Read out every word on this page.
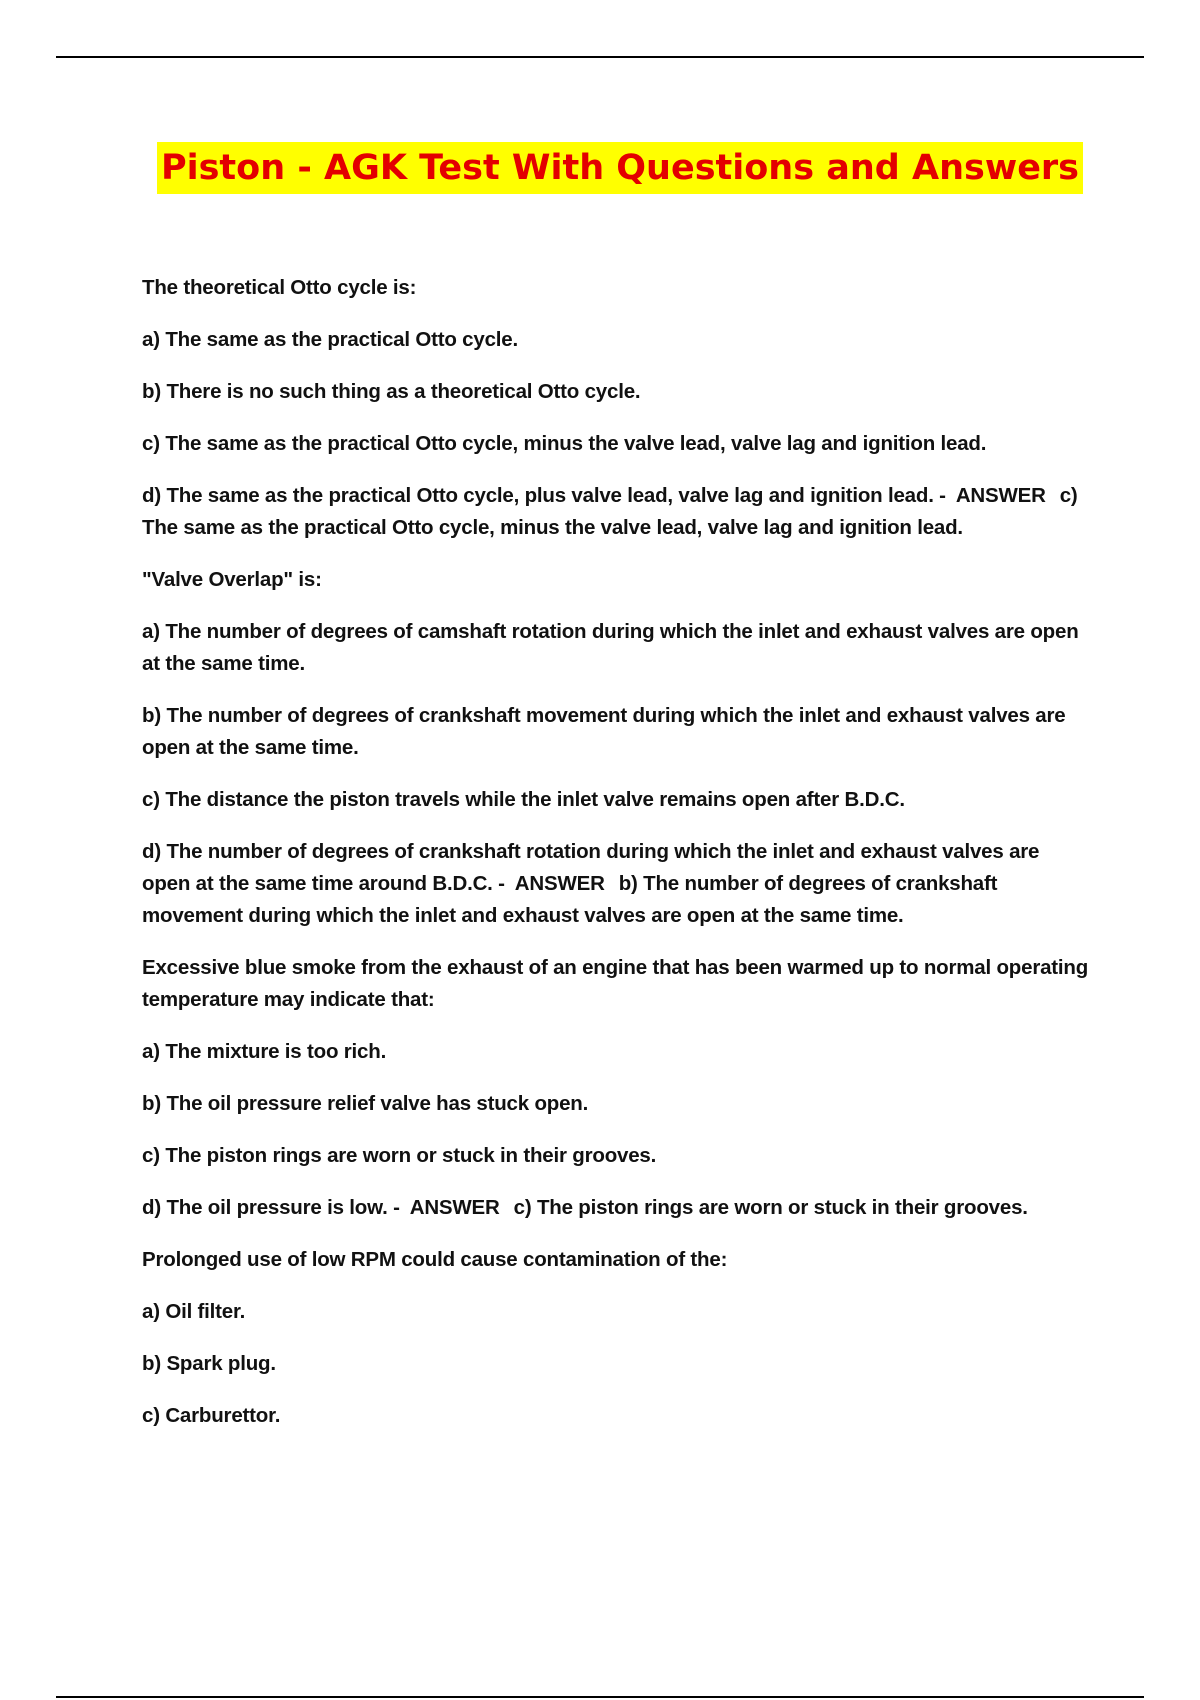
Piston - AGK Test With Questions and Answers

The theoretical Otto cycle is:

a) The same as the practical Otto cycle.

b) There is no such thing as a theoretical Otto cycle.

c) The same as the practical Otto cycle, minus the valve lead, valve lag and ignition lead.

d) The same as the practical Otto cycle, plus valve lead, valve lag and ignition lead. - ANSWER c) The same as the practical Otto cycle, minus the valve lead, valve lag and ignition lead.

"Valve Overlap" is:

a) The number of degrees of camshaft rotation during which the inlet and exhaust valves are open at the same time.

b) The number of degrees of crankshaft movement during which the inlet and exhaust valves are open at the same time.

c) The distance the piston travels while the inlet valve remains open after B.D.C.

d) The number of degrees of crankshaft rotation during which the inlet and exhaust valves are open at the same time around B.D.C. - ANSWER b) The number of degrees of crankshaft movement during which the inlet and exhaust valves are open at the same time.

Excessive blue smoke from the exhaust of an engine that has been warmed up to normal operating temperature may indicate that:

a) The mixture is too rich.

b) The oil pressure relief valve has stuck open.

c) The piston rings are worn or stuck in their grooves.

d) The oil pressure is low. - ANSWER c) The piston rings are worn or stuck in their grooves.

Prolonged use of low RPM could cause contamination of the:

a) Oil filter.

b) Spark plug.

c) Carburettor.
